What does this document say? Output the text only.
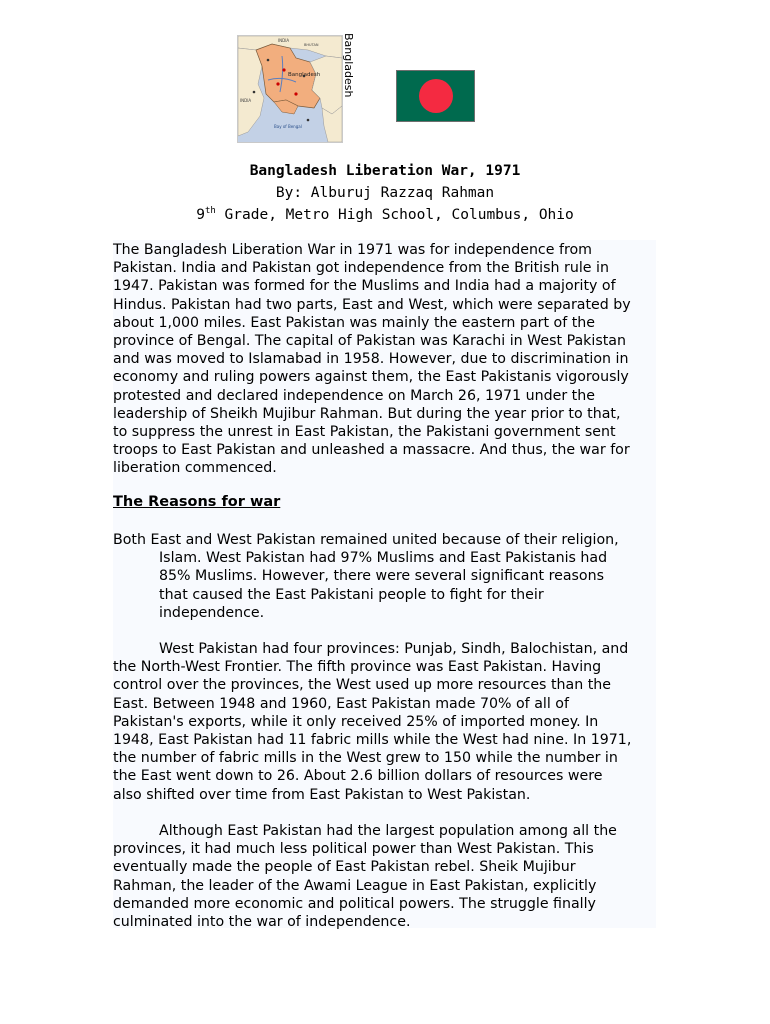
INDIA
Bangladesh
INDIA
BHUTAN
Bay of Bengal
Bangladesh
Bangladesh Liberation War, 1971
By: Alburuj Razzaq Rahman
9th Grade, Metro High School, Columbus, Ohio
The Bangladesh Liberation War in 1971 was for independence from
Pakistan. India and Pakistan got independence from the British rule in
1947. Pakistan was formed for the Muslims and India had a majority of
Hindus. Pakistan had two parts, East and West, which were separated by
about 1,000 miles. East Pakistan was mainly the eastern part of the
province of Bengal. The capital of Pakistan was Karachi in West Pakistan
and was moved to Islamabad in 1958. However, due to discrimination in
economy and ruling powers against them, the East Pakistanis vigorously
protested and declared independence on March 26, 1971 under the
leadership of Sheikh Mujibur Rahman. But during the year prior to that,
to suppress the unrest in East Pakistan, the Pakistani government sent
troops to East Pakistan and unleashed a massacre. And thus, the war for
liberation commenced.
The Reasons for war
Both East and West Pakistan remained united because of their religion,
Islam. West Pakistan had 97% Muslims and East Pakistanis had
85% Muslims. However, there were several significant reasons
that caused the East Pakistani people to fight for their
independence.
West Pakistan had four provinces: Punjab, Sindh, Balochistan, and
the North-West Frontier. The fifth province was East Pakistan. Having
control over the provinces, the West used up more resources than the
East. Between 1948 and 1960, East Pakistan made 70% of all of
Pakistan's exports, while it only received 25% of imported money. In
1948, East Pakistan had 11 fabric mills while the West had nine. In 1971,
the number of fabric mills in the West grew to 150 while the number in
the East went down to 26. About 2.6 billion dollars of resources were
also shifted over time from East Pakistan to West Pakistan.
Although East Pakistan had the largest population among all the
provinces, it had much less political power than West Pakistan. This
eventually made the people of East Pakistan rebel. Sheik Mujibur
Rahman, the leader of the Awami League in East Pakistan, explicitly
demanded more economic and political powers. The struggle finally
culminated into the war of independence.
